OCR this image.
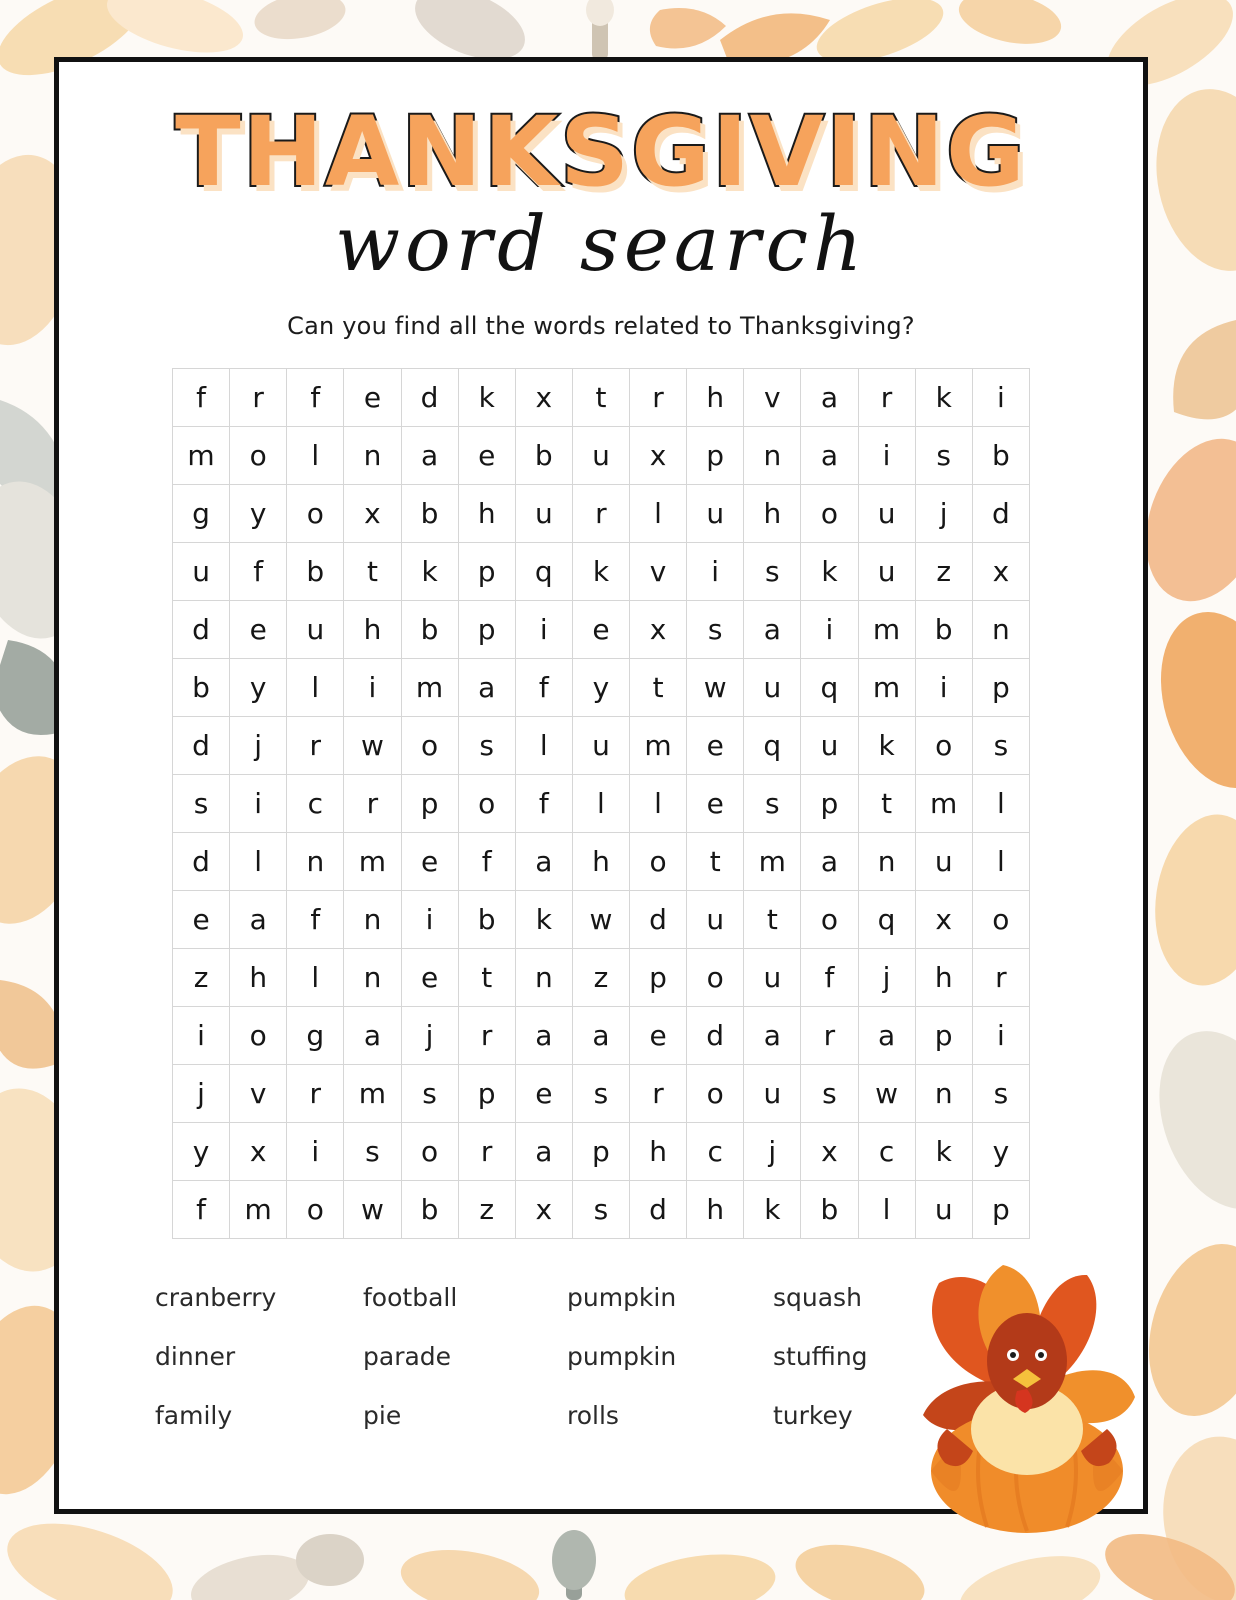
THANKSGIVING
word search
Can you find all the words related to Thanksgiving?
f	r	f	e	d	k	x	t	r	h	v	a	r	k	i
m	o	l	n	a	e	b	u	x	p	n	a	i	s	b
g	y	o	x	b	h	u	r	l	u	h	o	u	j	d
u	f	b	t	k	p	q	k	v	i	s	k	u	z	x
d	e	u	h	b	p	i	e	x	s	a	i	m	b	n
b	y	l	i	m	a	f	y	t	w	u	q	m	i	p
d	j	r	w	o	s	l	u	m	e	q	u	k	o	s
s	i	c	r	p	o	f	l	l	e	s	p	t	m	l
d	l	n	m	e	f	a	h	o	t	m	a	n	u	l
e	a	f	n	i	b	k	w	d	u	t	o	q	x	o
z	h	l	n	e	t	n	z	p	o	u	f	j	h	r
i	o	g	a	j	r	a	a	e	d	a	r	a	p	i
j	v	r	m	s	p	e	s	r	o	u	s	w	n	s
y	x	i	s	o	r	a	p	h	c	j	x	c	k	y
f	m	o	w	b	z	x	s	d	h	k	b	l	u	p
cranberry	football	pumpkin	squash
dinner	parade	pumpkin	stuffing
family	pie	rolls	turkey
